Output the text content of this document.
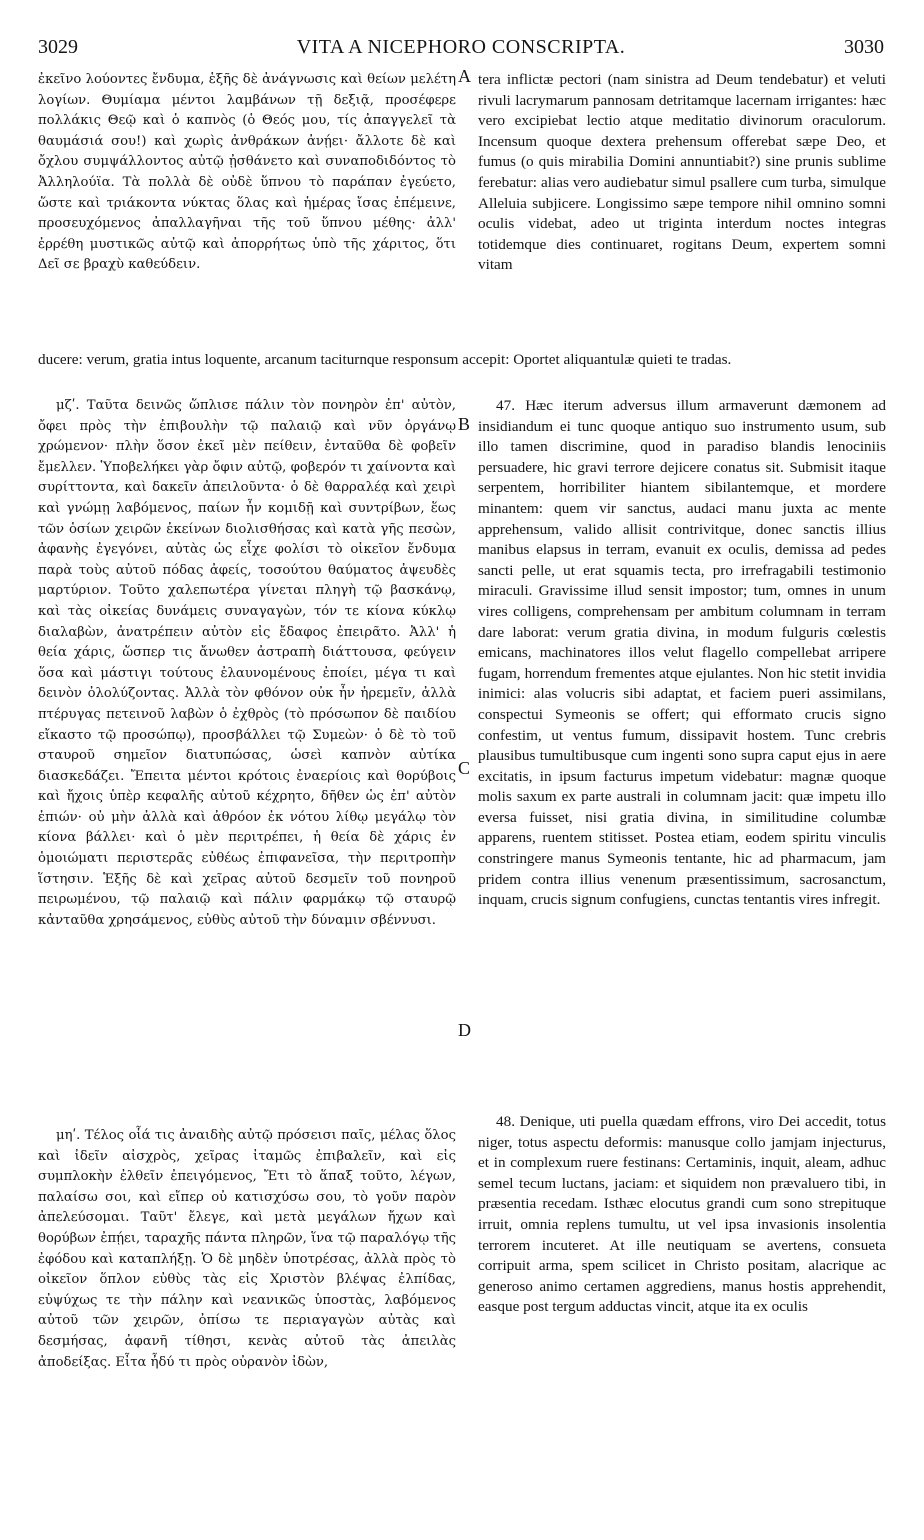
3029	VITA A NICEPHORO CONSCRIPTA.	3030

ἐκεῖνο λούοντες ἔνδυμα, ἑξῆς δὲ ἀνάγνωσις καὶ θείων μελέτη λογίων. Θυμίαμα μέντοι λαμβάνων τῇ δεξιᾷ, προσέφερε πολλάκις Θεῷ καὶ ὁ καπνὸς (ὁ Θεός μου, τίς ἀπαγγελεῖ τὰ θαυμάσιά σου!) καὶ χωρὶς ἀνθράκων ἀνῄει· ἄλλοτε δὲ καὶ ὄχλου συμψάλλοντος αὐτῷ ᾐσθάνετο καὶ συναποδιδόντος τὸ Ἀλληλούϊα. Τὰ πολλὰ δὲ οὐδὲ ὕπνου τὸ παράπαν ἐγεύετο, ὥστε καὶ τριάκοντα νύκτας ὅλας καὶ ἡμέρας ἴσας ἐπέμεινε, προσευχόμενος ἀπαλλαγῆναι τῆς τοῦ ὕπνου μέθης· ἀλλ' ἐρρέθη μυστικῶς αὐτῷ καὶ ἀπορρήτως ὑπὸ τῆς χάριτος, ὅτι Δεῖ σε βραχὺ καθεύδειν.

tera inflictæ pectori (nam sinistra ad Deum tendebatur) et veluti rivuli lacrymarum pannosam detritamque lacernam irrigantes: hæc vero excipiebat lectio atque meditatio divinorum oraculorum. Incensum quoque dextera prehensum offerebat sæpe Deo, et fumus (o quis mirabilia Domini annuntiabit?) sine prunis sublime ferebatur: alias vero audiebatur simul psallere cum turba, simulque Alleluia subjicere. Longissimo sæpe tempore nihil omnino somni oculis videbat, adeo ut triginta interdum noctes integras totidemque dies continuaret, rogitans Deum, expertem somni vitam

ducere: verum, gratia intus loquente, arcanum taciturnque responsum accepit: Oportet aliquantulæ quieti te tradas.

μζʹ. Ταῦτα δεινῶς ὥπλισε πάλιν τὸν πονηρὸν ἐπ' αὐτὸν, ὄφει πρὸς τὴν ἐπιβουλὴν τῷ παλαιῷ καὶ νῦν ὀργάνῳ χρώμενον· πλὴν ὅσον ἐκεῖ μὲν πείθειν, ἐνταῦθα δὲ φοβεῖν ἔμελλεν. Ὑποβελήκει γὰρ ὄφιν αὐτῷ, φοβερόν τι χαίνοντα καὶ συρίττοντα, καὶ δακεῖν ἀπειλοῦντα· ὁ δὲ θαρραλέᾳ καὶ χειρὶ καὶ γνώμῃ λαβόμενος, παίων ἦν κομιδῇ καὶ συντρίβων, ἕως τῶν ὁσίων χειρῶν ἐκείνων διολισθήσας καὶ κατὰ γῆς πεσὼν, ἀφανὴς ἐγεγόνει, αὐτὰς ὡς εἶχε φολίσι τὸ οἰκεῖον ἔνδυμα παρὰ τοὺς αὐτοῦ πόδας ἀφείς, τοσούτου θαύματος ἀψευδὲς μαρτύριον. Τοῦτο χαλεπωτέρα γίνεται πληγὴ τῷ βασκάνῳ, καὶ τὰς οἰκείας δυνάμεις συναγαγὼν, τόν τε κίονα κύκλῳ διαλαβὼν, ἀνατρέπειν αὐτὸν εἰς ἔδαφος ἐπειρᾶτο. Ἀλλ' ἡ θεία χάρις, ὥσπερ τις ἄνωθεν ἀστραπὴ διάττουσα, φεύγειν ὅσα καὶ μάστιγι τούτους ἐλαυνομένους ἐποίει, μέγα τι καὶ δεινὸν ὀλολύζοντας. Ἀλλὰ τὸν φθόνον οὐκ ἦν ἠρεμεῖν, ἀλλὰ πτέρυγας πετεινοῦ λαβὼν ὁ ἐχθρὸς (τὸ πρόσωπον δὲ παιδίου εἴκαστο τῷ προσώπῳ), προσβάλλει τῷ Συμεὼν· ὁ δὲ τὸ τοῦ σταυροῦ σημεῖον διατυπώσας, ὡσεὶ καπνὸν αὐτίκα διασκεδάζει. Ἔπειτα μέντοι κρότοις ἐναερίοις καὶ θορύβοις καὶ ἤχοις ὑπὲρ κεφαλῆς αὐτοῦ κέχρητο, δῆθεν ὡς ἐπ' αὐτὸν ἐπιών· οὐ μὴν ἀλλὰ καὶ ἀθρόον ἐκ νότου λίθῳ μεγάλῳ τὸν κίονα βάλλει· καὶ ὁ μὲν περιτρέπει, ἡ θεία δὲ χάρις ἐν ὁμοιώματι περιστερᾶς εὐθέως ἐπιφανεῖσα, τὴν περιτροπὴν ἵστησιν. Ἑξῆς δὲ καὶ χεῖρας αὐτοῦ δεσμεῖν τοῦ πονηροῦ πειρωμένου, τῷ παλαιῷ καὶ πάλιν φαρμάκῳ τῷ σταυρῷ κἀνταῦθα χρησάμενος, εὐθὺς αὐτοῦ τὴν δύναμιν σβέννυσι.

47. Hæc iterum adversus illum armaverunt dæmonem ad insidiandum ei tunc quoque antiquo suo instrumento usum, sub illo tamen discrimine, quod in paradiso blandis lenociniis persuadere, hic gravi terrore dejicere conatus sit. Submisit itaque serpentem, horribiliter hiantem sibilantemque, et mordere minantem: quem vir sanctus, audaci manu juxta ac mente apprehensum, valido allisit contrivitque, donec sanctis illius manibus elapsus in terram, evanuit ex oculis, demissa ad pedes sancti pelle, ut erat squamis tecta, pro irrefragabili testimonio miraculi. Gravissime illud sensit impostor; tum, omnes in unum vires colligens, comprehensam per ambitum columnam in terram dare laborat: verum gratia divina, in modum fulguris cœlestis emicans, machinatores illos velut flagello compellebat arripere fugam, horrendum frementes atque ejulantes. Non hic stetit invidia inimici: alas volucris sibi adaptat, et faciem pueri assimilans, conspectui Symeonis se offert; qui efformato crucis signo confestim, ut ventus fumum, dissipavit hostem. Tunc crebris plausibus tumultibusque cum ingenti sono supra caput ejus in aere excitatis, in ipsum facturus impetum videbatur: magnæ quoque molis saxum ex parte australi in columnam jacit: quæ impetu illo eversa fuisset, nisi gratia divina, in similitudine columbæ apparens, ruentem stitisset. Postea etiam, eodem spiritu vinculis constringere manus Symeonis tentante, hic ad pharmacum, jam pridem contra illius venenum præsentissimum, sacrosanctum, inquam, crucis signum confugiens, cunctas tentantis vires infregit.

μηʹ. Τέλος οἷά τις ἀναιδὴς αὐτῷ πρόσεισι παῖς, μέλας ὅλος καὶ ἰδεῖν αἰσχρὸς, χεῖρας ἰταμῶς ἐπιβαλεῖν, καὶ εἰς συμπλοκὴν ἐλθεῖν ἐπειγόμενος, Ἔτι τὸ ἅπαξ τοῦτο, λέγων, παλαίσω σοι, καὶ εἴπερ οὐ κατισχύσω σου, τὸ γοῦν παρὸν ἀπελεύσομαι. Ταῦτ' ἔλεγε, καὶ μετὰ μεγάλων ἤχων καὶ θορύβων ἐπῄει, ταραχῆς πάντα πληρῶν, ἵνα τῷ παραλόγῳ τῆς ἐφόδου καὶ καταπλήξῃ. Ὁ δὲ μηδὲν ὑποτρέσας, ἀλλὰ πρὸς τὸ οἰκεῖον ὅπλον εὐθὺς τὰς εἰς Χριστὸν βλέψας ἐλπίδας, εὐψύχως τε τὴν πάλην καὶ νεανικῶς ὑποστὰς, λαβόμενος αὐτοῦ τῶν χειρῶν, ὀπίσω τε περιαγαγὼν αὐτὰς καὶ δεσμήσας, ἀφανῆ τίθησι, κενὰς αὐτοῦ τὰς ἀπειλὰς ἀποδείξας. Εἶτα ἦδύ τι πρὸς οὐρανὸν ἰδὼν,

48. Denique, uti puella quædam effrons, viro Dei accedit, totus niger, totus aspectu deformis: manusque collo jamjam injecturus, et in complexum ruere festinans: Certaminis, inquit, aleam, adhuc semel tecum luctans, jaciam: et siquidem non prævaluero tibi, in præsentia recedam. Isthæc elocutus grandi cum sono strepituque irruit, omnia replens tumultu, ut vel ipsa invasionis insolentia terrorem incuteret. At ille neutiquam se avertens, consueta corripuit arma, spem scilicet in Christo positam, alacrique ac generoso animo certamen aggrediens, manus hostis apprehendit, easque post tergum adductas vincit, atque ita ex oculis

A
B
C
D
